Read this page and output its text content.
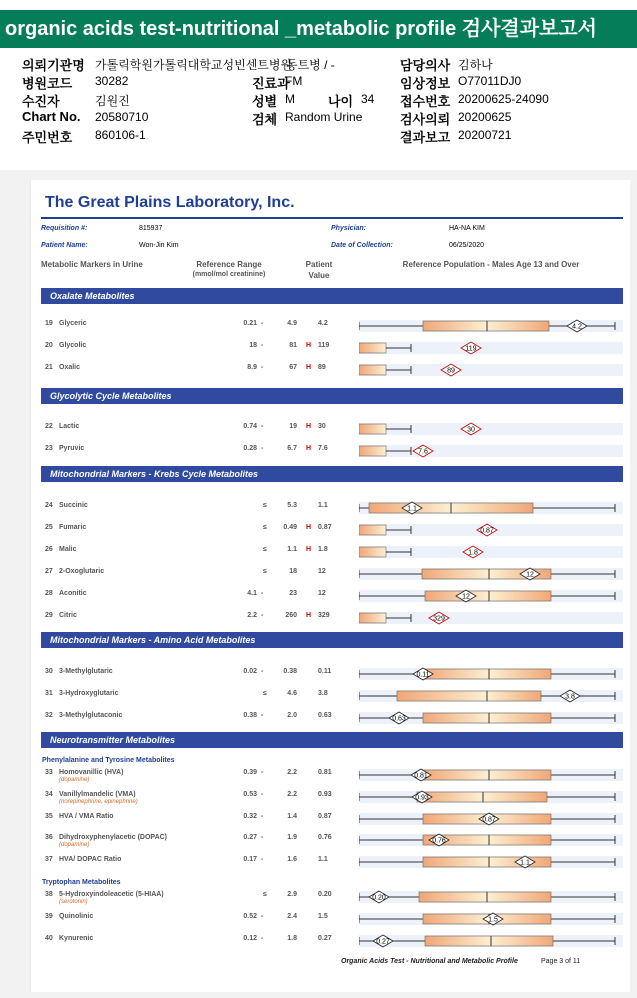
organic acids test-nutritional _metabolic profile 검사결과보고서
의뢰기관명 가톨릭학원가톨릭대학교성빈센트병원
병원코드 30282
수진자	김원진
Chart No. 20580710
주민번호 860106-1
동트병 / -
진료과
FM
성별 M
검체 Random Urine
나이 34
담당의사 김하나
임상정보 O77011DJ0
접수번호 20200625-24090
검사의뢰 20200625
결과보고 20200721
The Great Plains Laboratory, Inc.
Requisition #:	815937	Physician:	HA-NA KIM
Patient Name:	Won-Jin Kim	Date of Collection:	06/25/2020
Metabolic Markers in Urine	Reference Range
(mmol/mol creatinine)
Patient
Value
Reference Population - Males Age 13 and Over
Oxalate Metabolites
19 Glyceric	0.21 -	4.9	4.2	4.2
20 Glycolic	18 -	81 H 119	119
21 Oxalic	8.9 -	67 H 89	89
Glycolytic Cycle Metabolites
22 Lactic	0.74 -	19 H 30	30
23 Pyruvic	0.28 -	6.7 H 7.6	7.6
Mitochondrial Markers - Krebs Cycle Metabolites
24 Succinic	≤	5.3	1.1	1.1
25 Fumaric	≤	0.49 H 0.87	0.87
26 Malic	≤	1.1 H 1.8	1.8
27 2-Oxoglutaric	≤	18	12	12
28 Aconitic	4.1 -	23	12	12
29 Citric	2.2 -	260 H 329	329
Mitochondrial Markers - Amino Acid Metabolites
30 3-Methylglutaric	0.02 -	0.38	0.11	0.11
31 3-Hydroxyglutaric	≤	4.6	3.8	3.8
32 3-Methylglutaconic	0.38 -	2.0	0.63	0.63
Neurotransmitter Metabolites
Phenylalanine and Tyrosine Metabolites
Tryptophan Metabolites
33 Homovanillic (HVA)
(dopamine)
0.39 -	2.2	0.81	0.81
34 Vanillylmandelic (VMA)
(norepinephrine, epinephrine)
0.53 -	2.2	0.93	0.93
35 HVA / VMA Ratio	0.32 -	1.4	0.87	0.87
36 Dihydroxyphenylacetic (DOPAC)
(dopamine)
0.27 -	1.9	0.76	0.76
37 HVA/ DOPAC Ratio	0.17 -	1.6	1.1	1.1
38 5-Hydroxyindoleacetic (5-HIAA)
(serotonin)
≤	2.9	0.20	0.20
39 Quinolinic	0.52 -	2.4	1.5	1.5
40 Kynurenic	0.12 -	1.8	0.27	0.27
Organic Acids Test - Nutritional and Metabolic Profile	Page 3 of 11
